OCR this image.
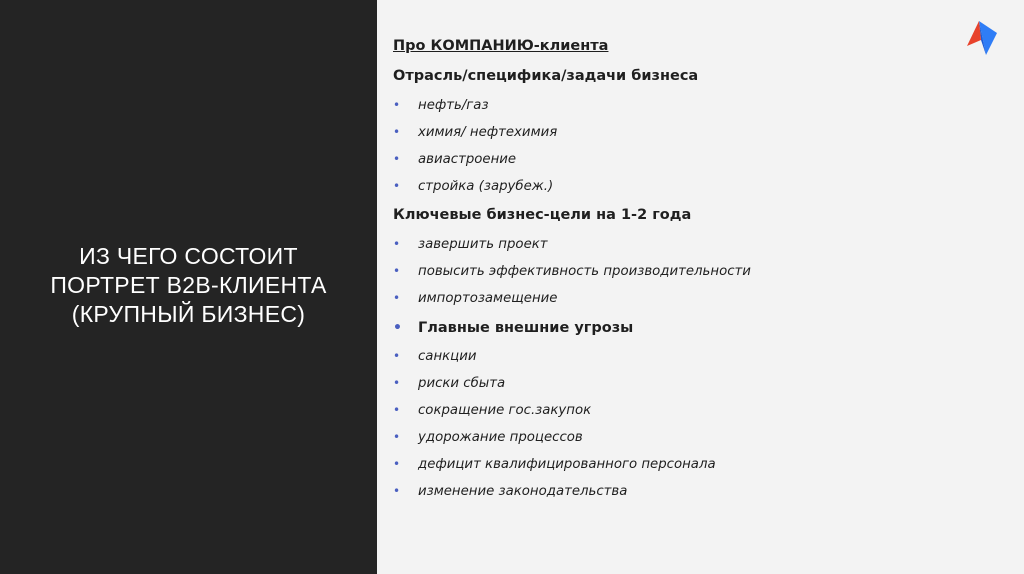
ИЗ ЧЕГО СОСТОИТ
ПОРТРЕТ B2B-КЛИЕНТА
(КРУПНЫЙ БИЗНЕС)
Про КОМПАНИЮ-клиента
Отрасль/специфика/задачи бизнеса
• нефть/газ
• химия/ нефтехимия
• авиастроение
• стройка (зарубеж.)
Ключевые бизнес-цели на 1-2 года
• завершить проект
• повысить эффективность производительности
• импортозамещение
• Главные внешние угрозы
• санкции
• риски сбыта
• сокращение гос.закупок
• удорожание процессов
• дефицит квалифицированного персонала
• изменение законодательства
